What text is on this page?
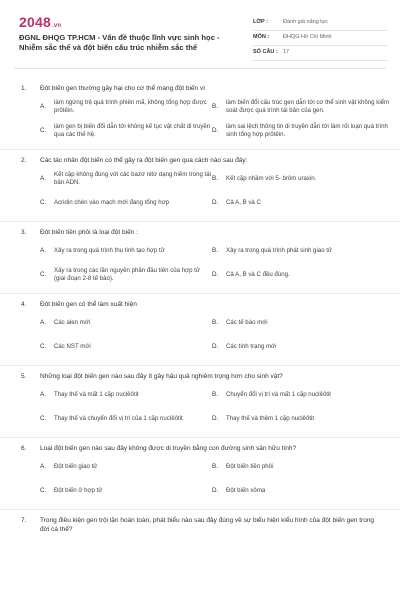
2048.vn
ĐGNL ĐHQG TP.HCM - Vấn đề thuộc lĩnh vực sinh học - Nhiễm sắc thể và đột biến cấu trúc nhiễm sắc thể
LỚP :	Đánh giá năng lực
MÔN :	ĐHQG Hồ Chí Minh
SỐ CÂU : 17
1. Đột biến gen thường gây hại cho cơ thể mang đột biến vì
A.
làm ngừng trệ quá trình phiên mã, không tổng hợp được prôtêin.
B.
làm biến đổi cấu trúc gen dẫn tới cơ thể sinh vật không kiểm soát được quá trình tái bản của gen.
C.
làm gen bị biến đổi dẫn tới không kế tục vật chất di truyền qua các thế hệ.
D.
làm sai lệch thông tin di truyền dẫn tới làm rối loạn quá trình sinh tổng hợp prôtêin.
2. Các tác nhân đột biến có thể gây ra đột biến gen qua cách nào sau đây:
A.
Kết cặp không đúng với các bazơ nitơ dạng hiếm trong tái bản ADN.
B. Kết cặp nhầm với 5- brôm uraxin.
C. Acridin chèn vào mạch mới đang tổng hợp	D. Cả A, B và C
3. Đột biến tiền phôi là loại đột biến :
A. Xảy ra trong quá trình thụ tinh tạo hợp tử	B. Xảy ra trong quá trình phát sinh giao tử
C.
Xảy ra trong các lần nguyên phân đầu tiên của hợp tử (giai đoạn 2-8 tế bào).
D. Cả A, B và C đều đúng.
4. Đột biến gen có thể làm xuất hiện
A. Các alen mới	B. Các tế bào mới
C. Các NST mới	D. Các tính trạng mới
5. Những loại đột biến gen nào sau đây ít gây hậu quả nghiêm trọng hơn cho sinh vật?
A. Thay thế và mất 1 cặp nuclêôtit	B. Chuyển đổi vị trí và mất 1 cặp nuclêôtit
C. Thay thế và chuyển đổi vị trí của 1 cặp nuclêôtit	D. Thay thế và thêm 1 cặp nuclêôtit
6. Loại đột biến gen nào sau đây không được di truyền bằng con đường sinh sản hữu tính?
A. Đột biến giao tử	B. Đột biến tiền phôi
C. Đột biến ở hợp tử	D. Đột biến xôma
7. Trong điều kiện gen trội lặn hoàn toàn, phát biểu nào sau đây đúng về sự biểu hiện kiểu hình của đột biến gen trong đời cá thể?
